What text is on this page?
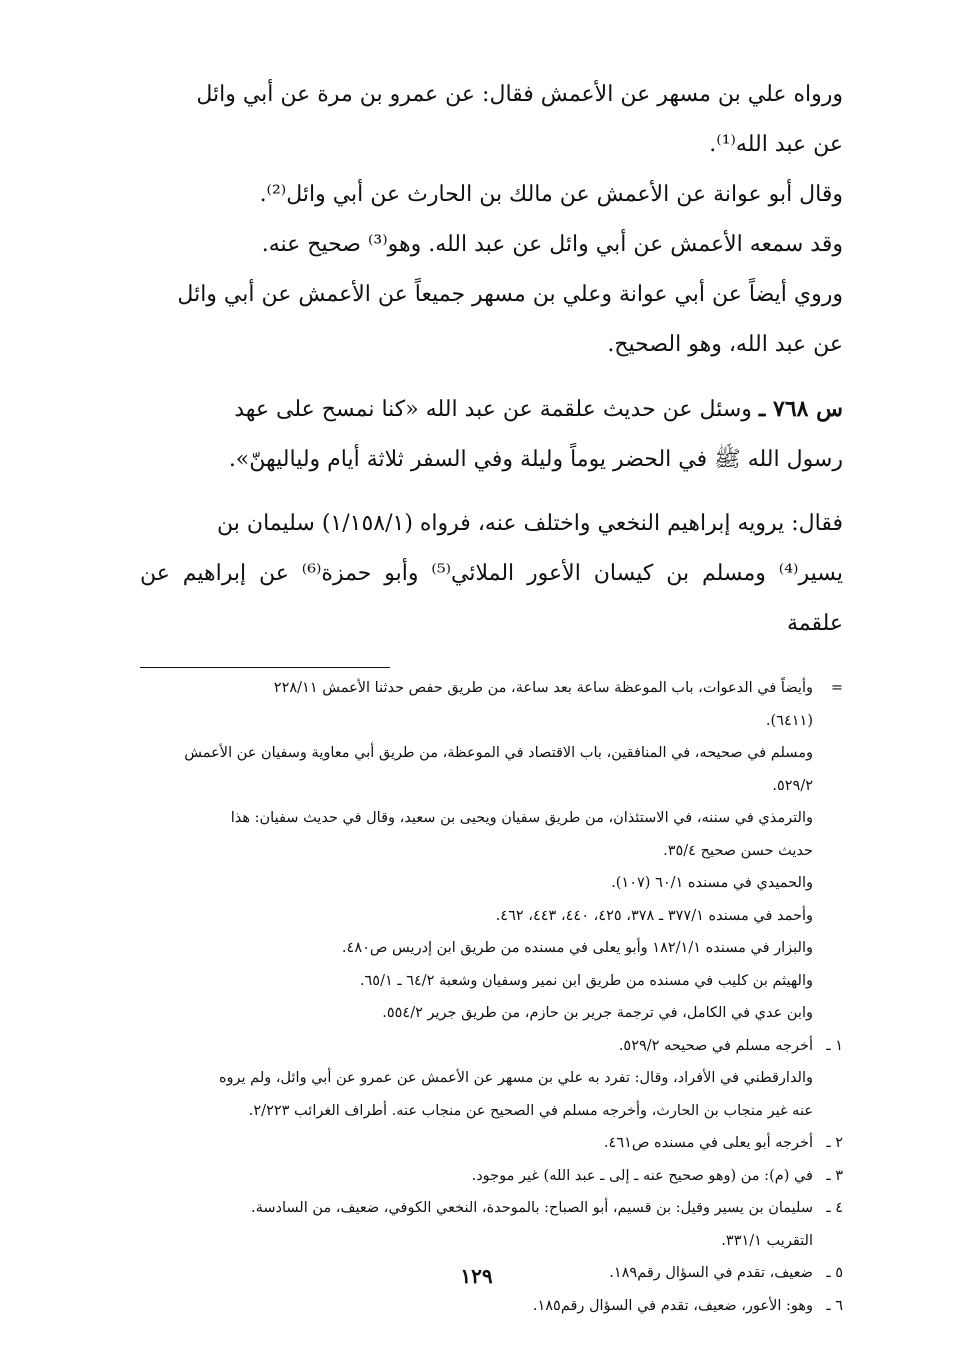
ورواه علي بن مسهر عن الأعمش فقال: عن عمرو بن مرة عن أبي وائل

عن عبد الله⁽¹⁾.

وقال أبو عوانة عن الأعمش عن مالك بن الحارث عن أبي وائل⁽²⁾.

وقد سمعه الأعمش عن أبي وائل عن عبد الله. وهو⁽³⁾ صحيح عنه.

وروي أيضاً عن أبي عوانة وعلي بن مسهر جميعاً عن الأعمش عن أبي وائل

عن عبد الله، وهو الصحيح.

س ٧٦٨ ـ وسئل عن حديث علقمة عن عبد الله «كنا نمسح على عهد

رسول الله ﷺ في الحضر يوماً وليلة وفي السفر ثلاثة أيام ولياليهنّ».

فقال: يرويه إبراهيم النخعي واختلف عنه، فرواه (١/١٥٨/١) سليمان بن

يسير⁽⁴⁾ ومسلم بن كيسان الأعور الملائي⁽⁵⁾ وأبو حمزة⁽⁶⁾ عن إبراهيم عن علقمة

=وأيضاً في الدعوات، باب الموعظة ساعة بعد ساعة، من طريق حفص حدثنا الأعمش ٢٢٨/١١

(٦٤١١).

ومسلم في صحيحه، في المنافقين، باب الاقتصاد في الموعظة، من طريق أبي معاوية وسفيان عن الأعمش

٥٢٩/٢.

والترمذي في سننه، في الاستئذان، من طريق سفيان ويحيى بن سعيد، وقال في حديث سفيان: هذا

حديث حسن صحيح ٣٥/٤.

والحميدي في مسنده ٦٠/١ (١٠٧).

وأحمد في مسنده ٣٧٧/١ ـ ٣٧٨، ٤٢٥، ٤٤٠، ٤٤٣، ٤٦٢.

والبزار في مسنده ١٨٢/١/١ وأبو يعلى في مسنده من طريق ابن إدريس ص٤٨٠.

والهيثم بن كليب في مسنده من طريق ابن نمير وسفيان وشعبة ٦٤/٢ ـ ٦٥/١.

وابن عدي في الكامل، في ترجمة جرير بن حازم، من طريق جرير ٥٥٤/٢.

١ ـأخرجه مسلم في صحيحه ٥٢٩/٢.

والدارقطني في الأفراد، وقال: تفرد به علي بن مسهر عن الأعمش عن عمرو عن أبي وائل، ولم يروه

عنه غير منجاب بن الحارث، وأخرجه مسلم في الصحيح عن منجاب عنه. أطراف الغرائب ٢/٢٢٣.

٢ ـأخرجه أبو يعلى في مسنده ص٤٦١.

٣ ـفي (م): من (وهو صحيح عنه ـ إلى ـ عبد الله) غير موجود.

٤ ـسليمان بن يسير وقيل: بن قسيم، أبو الصباح: بالموحدة، النخعي الكوفي، ضعيف، من السادسة.

التقريب ٣٣١/١.

٥ ـضعيف، تقدم في السؤال رقم١٨٩.

٦ ـوهو: الأعور، ضعيف، تقدم في السؤال رقم١٨٥.

١٢٩
